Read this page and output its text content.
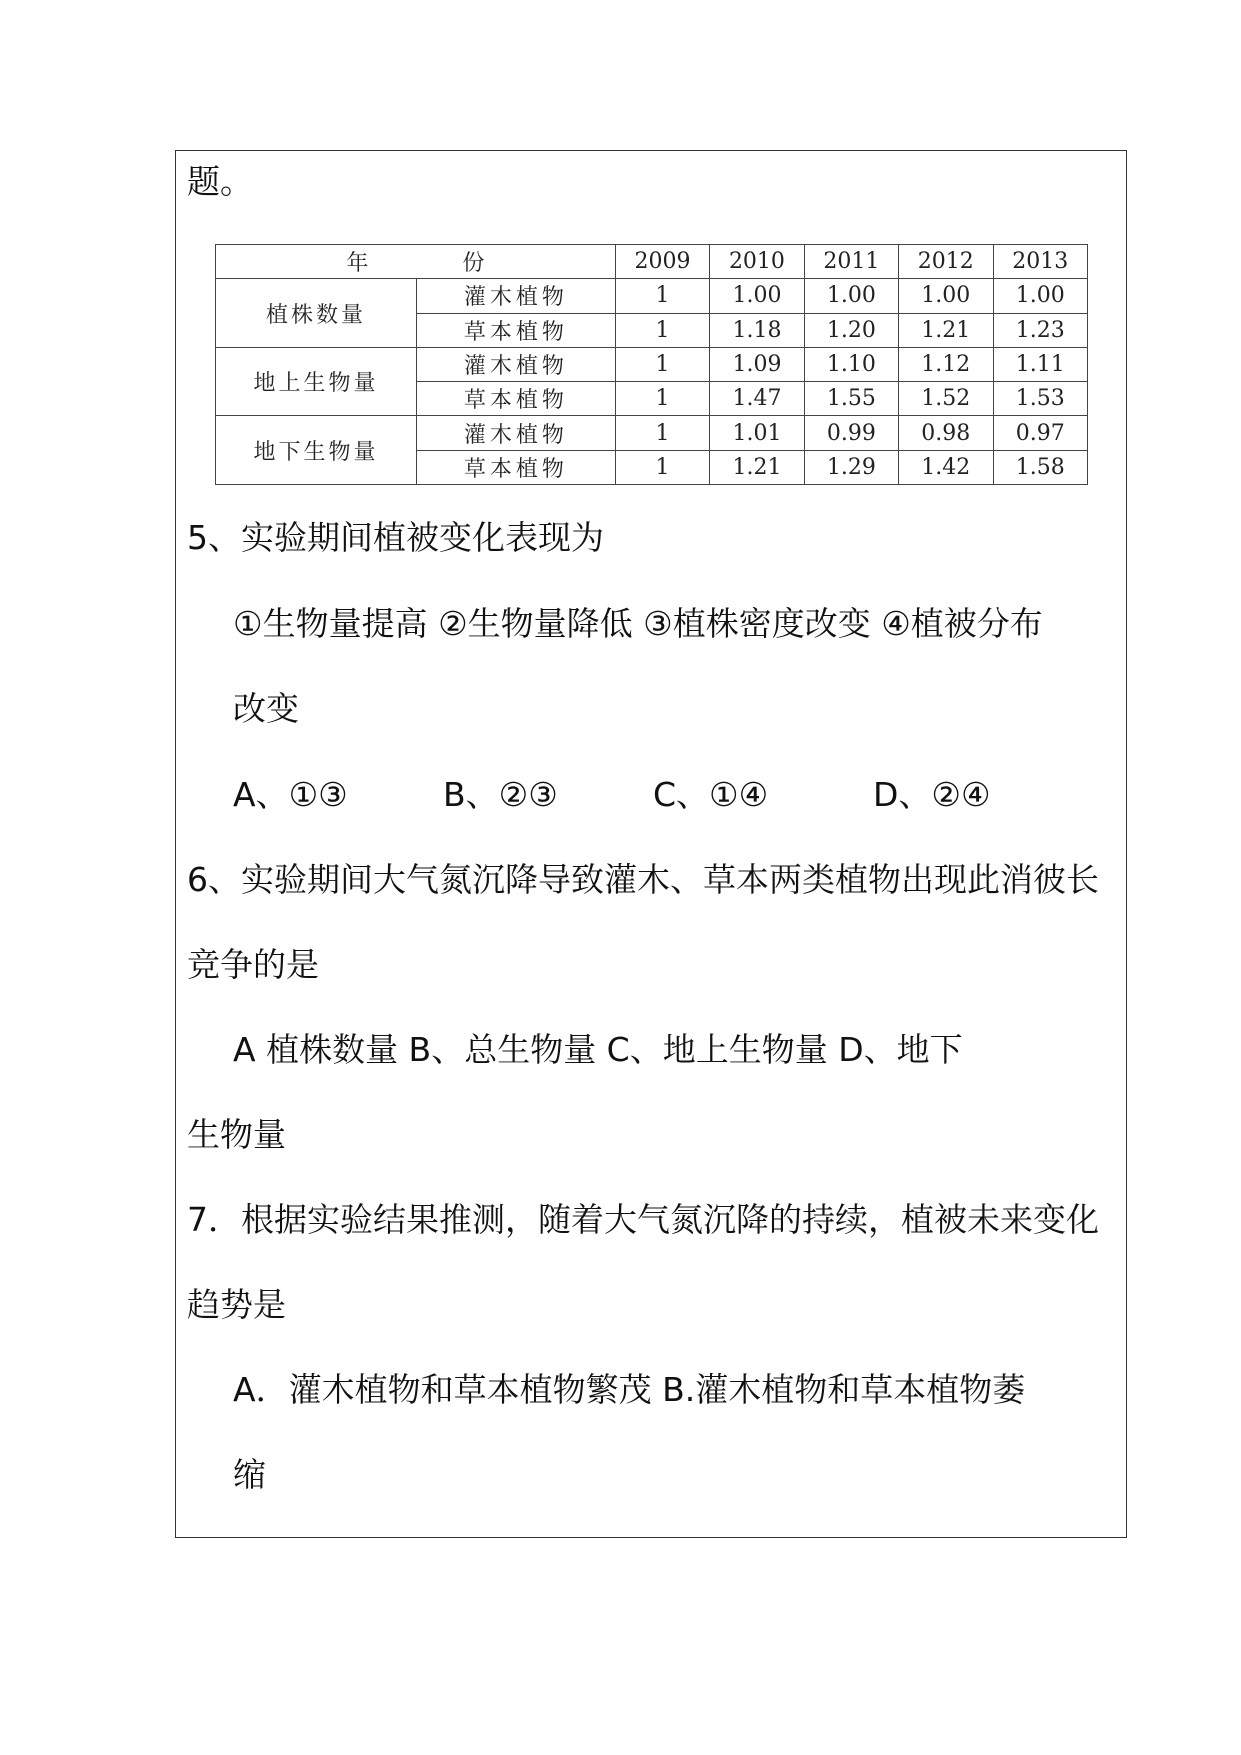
题。
年 份		2009	2010	2011	2012	2013
植株数量	灌木植物	1	1.00	1.00	1.00	1.00
	草本植物	1	1.18	1.20	1.21	1.23
地上生物量	灌木植物	1	1.09	1.10	1.12	1.11
	草本植物	1	1.47	1.55	1.52	1.53
地下生物量	灌木植物	1	1.01	0.99	0.98	0.97
	草本植物	1	1.21	1.29	1.42	1.58
5、实验期间植被变化表现为
①生物量提高 ②生物量降低 ③植株密度改变 ④植被分布
改变
A、①③	B、②③	C、①④	D、②④
6、实验期间大气氮沉降导致灌木、草本两类植物出现此消彼长
竞争的是
A 植株数量 B、总生物量 C、地上生物量 D、地下
生物量
7．根据实验结果推测，随着大气氮沉降的持续，植被未来变化
趋势是
A．灌木植物和草本植物繁茂 B.灌木植物和草本植物萎
缩
